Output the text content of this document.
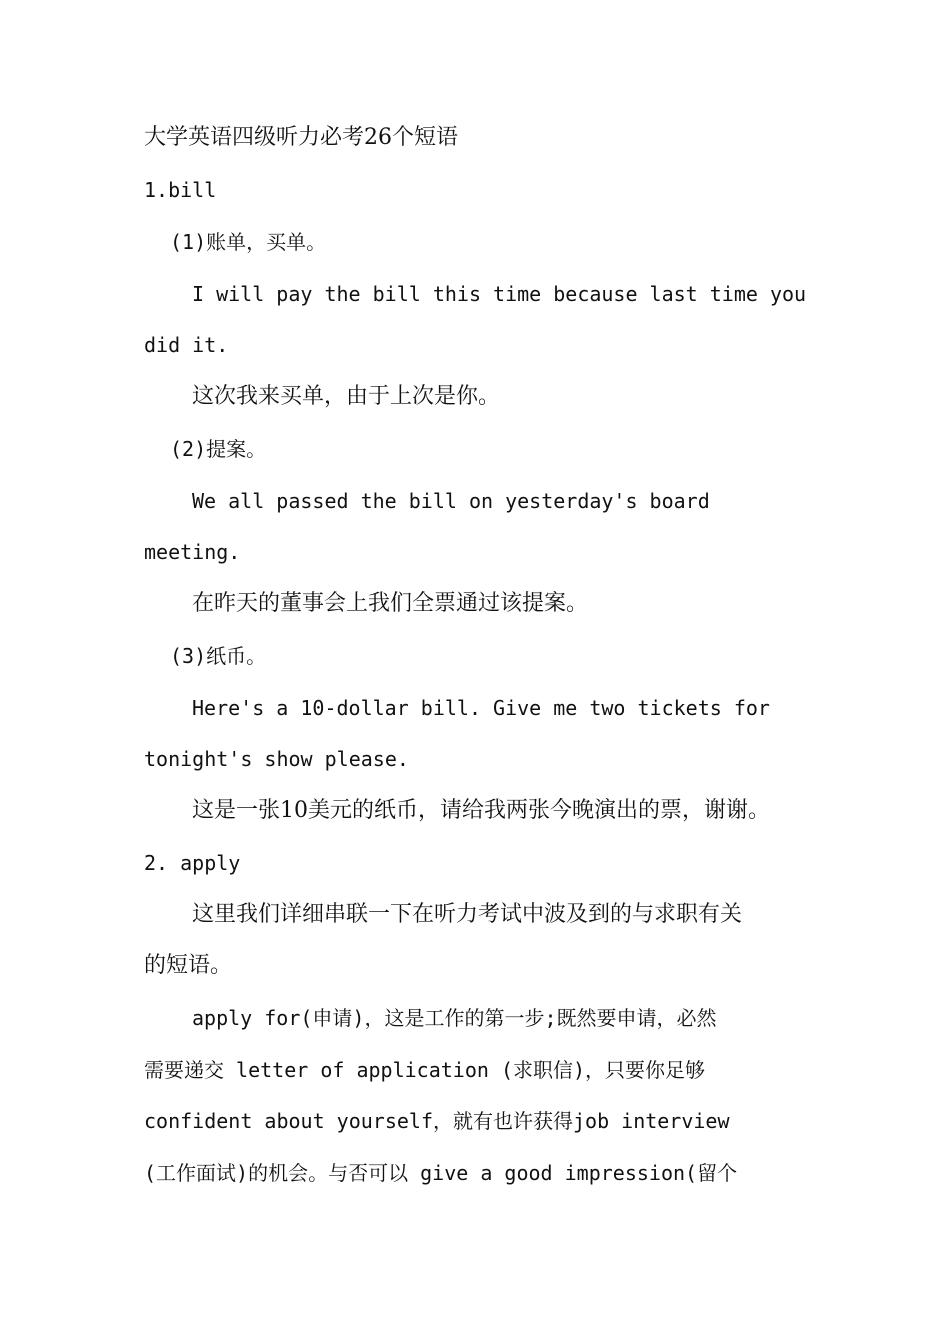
大学英语四级听力必考26个短语
1.bill
(1)账单，买单。
I will pay the bill this time because last time you
did it.
这次我来买单，由于上次是你。
(2)提案。
We all passed the bill on yesterday's board
meeting.
在昨天的董事会上我们全票通过该提案。
(3)纸币。
Here's a 10-dollar bill. Give me two tickets for
tonight's show please.
这是一张10美元的纸币，请给我两张今晚演出的票，谢谢。
2. apply
这里我们详细串联一下在听力考试中波及到的与求职有关
的短语。
apply for(申请)，这是工作的第一步;既然要申请，必然
需要递交 letter of application (求职信)，只要你足够
confident about yourself，就有也许获得job interview
(工作面试)的机会。与否可以 give a good impression(留个
